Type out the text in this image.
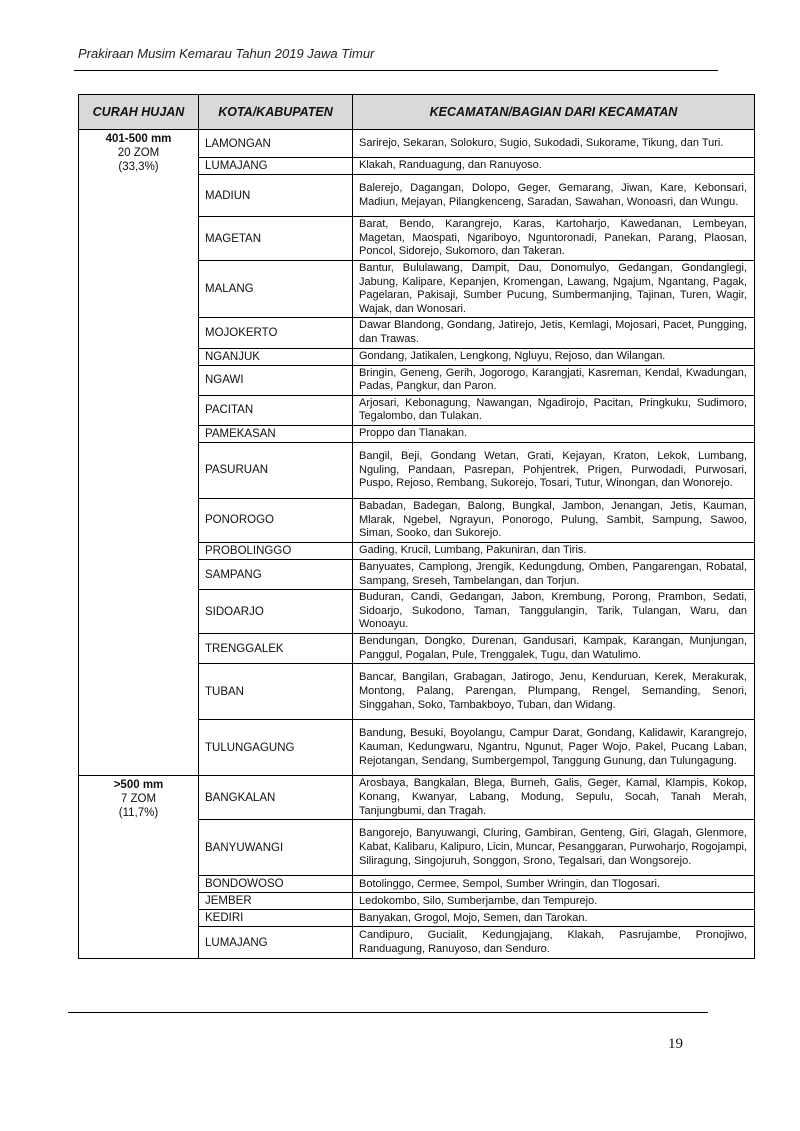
Prakiraan Musim Kemarau Tahun 2019 Jawa Timur
CURAH HUJAN	KOTA/KABUPATEN	KECAMATAN/BAGIAN DARI KECAMATAN

401-500 mm
20 ZOM
(33,3%)	LAMONGAN	Sarirejo, Sekaran, Solokuro, Sugio, Sukodadi, Sukorame, Tikung, dan Turi.
	LUMAJANG	Klakah, Randuagung, dan Ranuyoso.
	MADIUN	Balerejo, Dagangan, Dolopo, Geger, Gemarang, Jiwan, Kare, Kebonsari, Madiun, Mejayan, Pilangkenceng, Saradan, Sawahan, Wonoasri, dan Wungu.
	MAGETAN	Barat, Bendo, Karangrejo, Karas, Kartoharjo, Kawedanan, Lembeyan, Magetan, Maospati, Ngariboyo, Nguntoronadi, Panekan, Parang, Plaosan, Poncol, Sidorejo, Sukomoro, dan Takeran.
	MALANG	Bantur, Bululawang, Dampit, Dau, Donomulyo, Gedangan, Gondanglegi, Jabung, Kalipare, Kepanjen, Kromengan, Lawang, Ngajum, Ngantang, Pagak, Pagelaran, Pakisaji, Sumber Pucung, Sumbermanjing, Tajinan, Turen, Wagir, Wajak, dan Wonosari.
	MOJOKERTO	Dawar Blandong, Gondang, Jatirejo, Jetis, Kemlagi, Mojosari, Pacet, Pungging, dan Trawas.
	NGANJUK	Gondang, Jatikalen, Lengkong, Ngluyu, Rejoso, dan Wilangan.
	NGAWI	Bringin, Geneng, Gerih, Jogorogo, Karangjati, Kasreman, Kendal, Kwadungan, Padas, Pangkur, dan Paron.
	PACITAN	Arjosari, Kebonagung, Nawangan, Ngadirojo, Pacitan, Pringkuku, Sudimoro, Tegalombo, dan Tulakan.
	PAMEKASAN	Proppo dan Tlanakan.
	PASURUAN	Bangil, Beji, Gondang Wetan, Grati, Kejayan, Kraton, Lekok, Lumbang, Nguling, Pandaan, Pasrepan, Pohjentrek, Prigen, Purwodadi, Purwosari, Puspo, Rejoso, Rembang, Sukorejo, Tosari, Tutur, Winongan, dan Wonorejo.
	PONOROGO	Babadan, Badegan, Balong, Bungkal, Jambon, Jenangan, Jetis, Kauman, Mlarak, Ngebel, Ngrayun, Ponorogo, Pulung, Sambit, Sampung, Sawoo, Siman, Sooko, dan Sukorejo.
	PROBOLINGGO	Gading, Krucil, Lumbang, Pakuniran, dan Tiris.
	SAMPANG	Banyuates, Camplong, Jrengik, Kedungdung, Omben, Pangarengan, Robatal, Sampang, Sreseh, Tambelangan, dan Torjun.
	SIDOARJO	Buduran, Candi, Gedangan, Jabon, Krembung, Porong, Prambon, Sedati, Sidoarjo, Sukodono, Taman, Tanggulangin, Tarik, Tulangan, Waru, dan Wonoayu.
	TRENGGALEK	Bendungan, Dongko, Durenan, Gandusari, Kampak, Karangan, Munjungan, Panggul, Pogalan, Pule, Trenggalek, Tugu, dan Watulimo.
	TUBAN	Bancar, Bangilan, Grabagan, Jatirogo, Jenu, Kenduruan, Kerek, Merakurak, Montong, Palang, Parengan, Plumpang, Rengel, Semanding, Senori, Singgahan, Soko, Tambakboyo, Tuban, dan Widang.
	TULUNGAGUNG	Bandung, Besuki, Boyolangu, Campur Darat, Gondang, Kalidawir, Karangrejo, Kauman, Kedungwaru, Ngantru, Ngunut, Pager Wojo, Pakel, Pucang Laban, Rejotangan, Sendang, Sumbergempol, Tanggung Gunung, dan Tulungagung.

>500 mm
7 ZOM
(11,7%)	BANGKALAN	Arosbaya, Bangkalan, Blega, Burneh, Galis, Geger, Kamal, Klampis, Kokop, Konang, Kwanyar, Labang, Modung, Sepulu, Socah, Tanah Merah, Tanjungbumi, dan Tragah.
	BANYUWANGI	Bangorejo, Banyuwangi, Cluring, Gambiran, Genteng, Giri, Glagah, Glenmore, Kabat, Kalibaru, Kalipuro, Licin, Muncar, Pesanggaran, Purwoharjo, Rogojampi, Siliragung, Singojuruh, Songgon, Srono, Tegalsari, dan Wongsorejo.
	BONDOWOSO	Botolinggo, Cermee, Sempol, Sumber Wringin, dan Tlogosari.
	JEMBER	Ledokombo, Silo, Sumberjambe, dan Tempurejo.
	KEDIRI	Banyakan, Grogol, Mojo, Semen, dan Tarokan.
	LUMAJANG	Candipuro, Gucialit, Kedungjajang, Klakah, Pasrujambe, Pronojiwo, Randuagung, Ranuyoso, dan Senduro.
19
